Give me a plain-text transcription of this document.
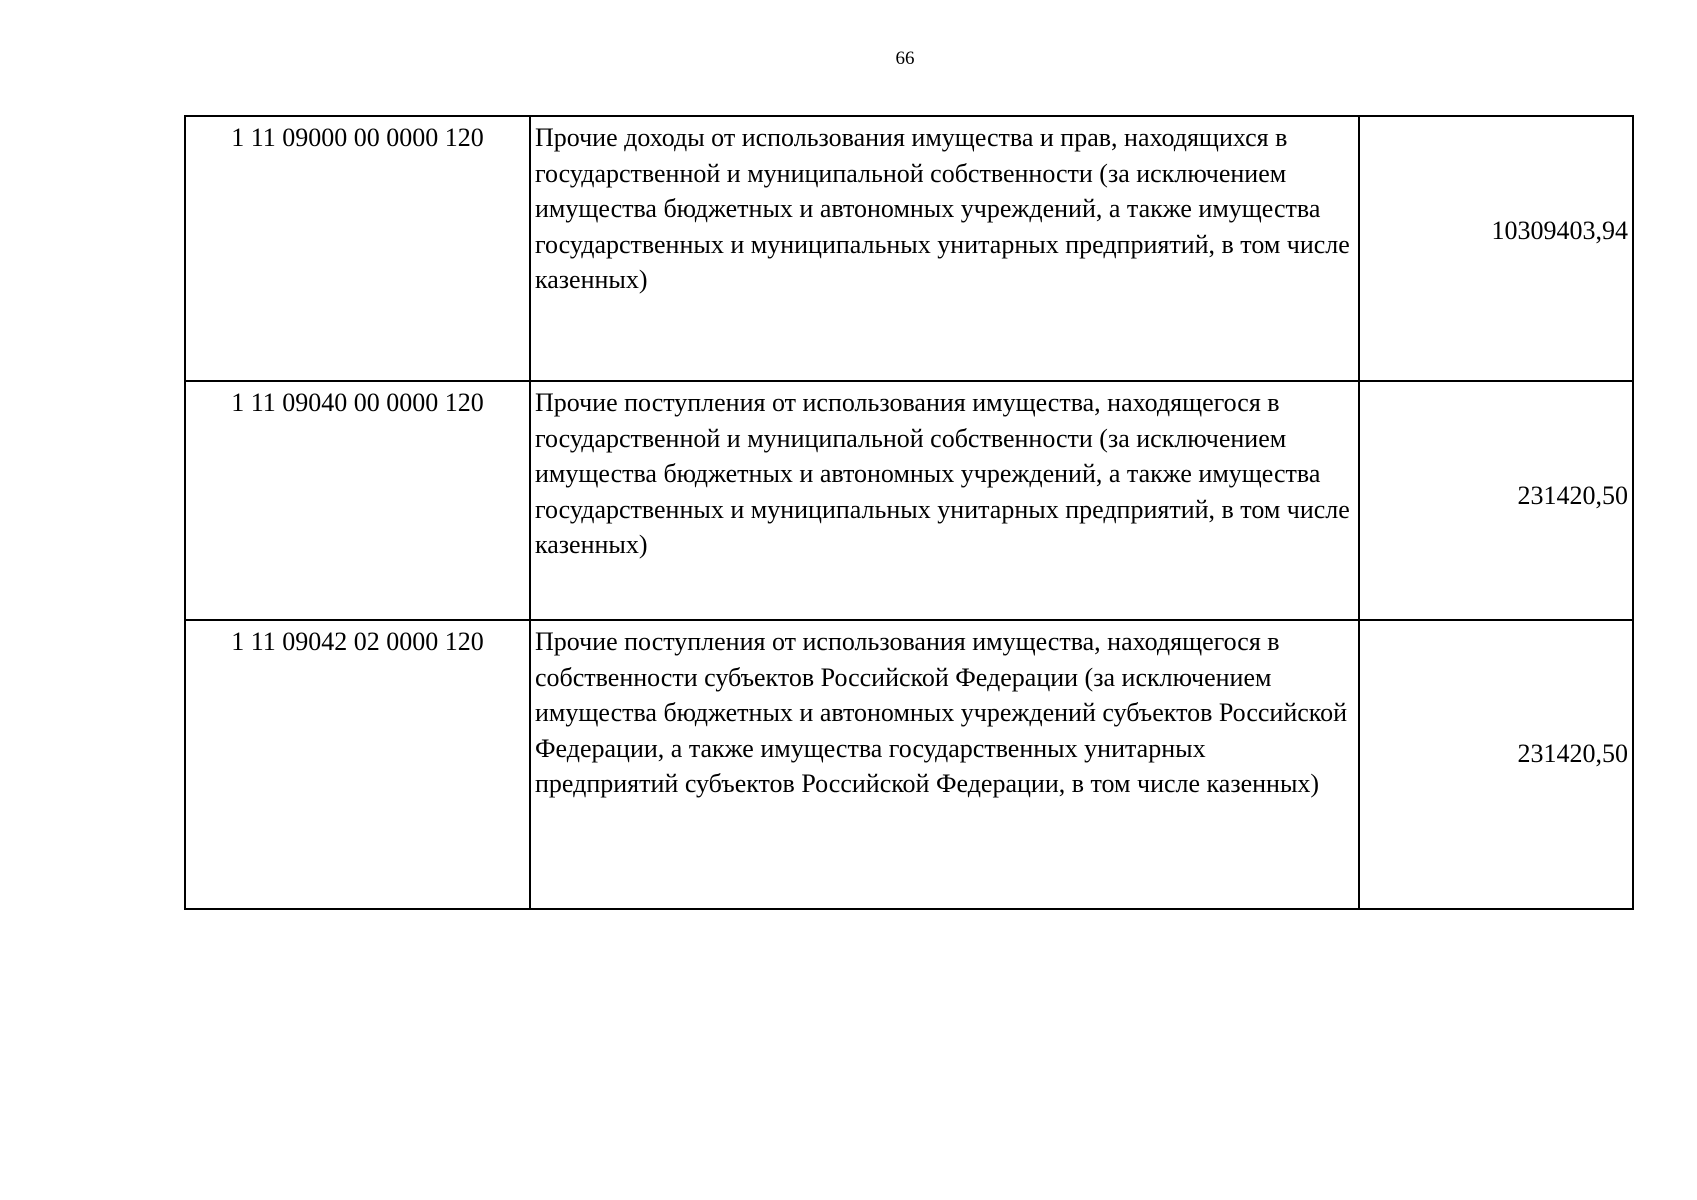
66
1 11 09000 00 0000 120	Прочие доходы от использования имущества и прав, находящихся в государственной и муниципальной собственности (за исключением имущества бюджетных и автономных учреждений, а также имущества государственных и муниципальных унитарных предприятий, в том числе казенных)	10309403,94
1 11 09040 00 0000 120	Прочие поступления от использования имущества, находящегося в государственной и муниципальной собственности (за исключением имущества бюджетных и автономных учреждений, а также имущества государственных и муниципальных унитарных предприятий, в том числе казенных)	231420,50
1 11 09042 02 0000 120	Прочие поступления от использования имущества, находящегося в собственности субъектов Российской Федерации (за исключением имущества бюджетных и автономных учреждений субъектов Российской Федерации, а также имущества государственных унитарных предприятий субъектов Российской Федерации, в том числе казенных)	231420,50
